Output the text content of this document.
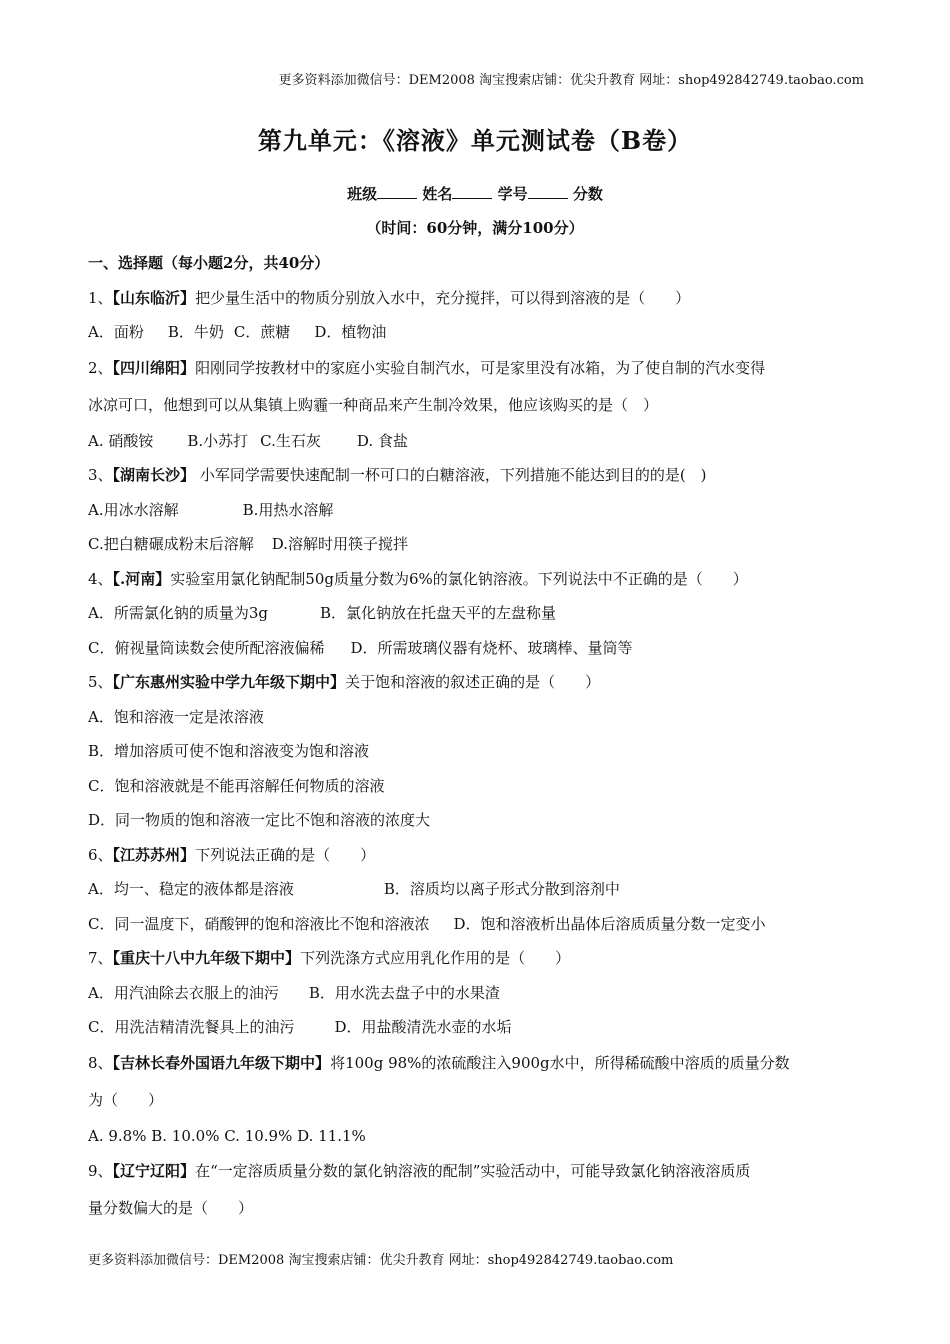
更多资料添加微信号：DEM2008 淘宝搜索店铺：优尖升教育 网址：shop492842749.taobao.com
第九单元：《溶液》单元测试卷（B卷）
班级	姓名	学号	分数
（时间：60分钟，满分100分）
一、选择题（每小题2分，共40分）
1、【山东临沂】把少量生活中的物质分别放入水中，充分搅拌，可以得到溶液的是（　　）
A．面粉 B．牛奶 C．蔗糖 D．植物油
2、【四川绵阳】阳刚同学按教材中的家庭小实验自制汽水，可是家里没有冰箱，为了使自制的汽水变得
冰凉可口，他想到可以从集镇上购霾一种商品来产生制冷效果，他应该购买的是（　）
A. 硝酸铵 B.小苏打 C.生石灰 D. 食盐
3、【湖南长沙】 小军同学需要快速配制一杯可口的白糖溶液，下列措施不能达到目的的是(　)
A.用冰水溶解	B.用热水溶解
C.把白糖碾成粉末后溶解 D.溶解时用筷子搅拌
4、【.河南】实验室用氯化钠配制50g质量分数为6%的氯化钠溶液。下列说法中不正确的是（　　）
A．所需氯化钠的质量为3g	B．氯化钠放在托盘天平的左盘称量
C．俯视量筒读数会使所配溶液偏稀 D．所需玻璃仪器有烧杯、玻璃棒、量筒等
5、【广东惠州实验中学九年级下期中】关于饱和溶液的叙述正确的是（　　）
A．饱和溶液一定是浓溶液
B．增加溶质可使不饱和溶液变为饱和溶液
C．饱和溶液就是不能再溶解任何物质的溶液
D．同一物质的饱和溶液一定比不饱和溶液的浓度大
6、【江苏苏州】下列说法正确的是（　　）
A．均一、稳定的液体都是溶液	B．溶质均以离子形式分散到溶剂中
C．同一温度下，硝酸钾的饱和溶液比不饱和溶液浓 D．饱和溶液析出晶体后溶质质量分数一定变小
7、【重庆十八中九年级下期中】下列洗涤方式应用乳化作用的是（　　）
A．用汽油除去衣服上的油污 B．用水洗去盘子中的水果渣
C．用洗洁精清洗餐具上的油污	D．用盐酸清洗水壶的水垢
8、【吉林长春外国语九年级下期中】将100g 98%的浓硫酸注入900g水中，所得稀硫酸中溶质的质量分数
为（　　）
A. 9.8% B. 10.0% C. 10.9% D. 11.1%
9、【辽宁辽阳】在“一定溶质质量分数的氯化钠溶液的配制”实验活动中，可能导致氯化钠溶液溶质质
量分数偏大的是（　　）
更多资料添加微信号：DEM2008 淘宝搜索店铺：优尖升教育 网址：shop492842749.taobao.com
